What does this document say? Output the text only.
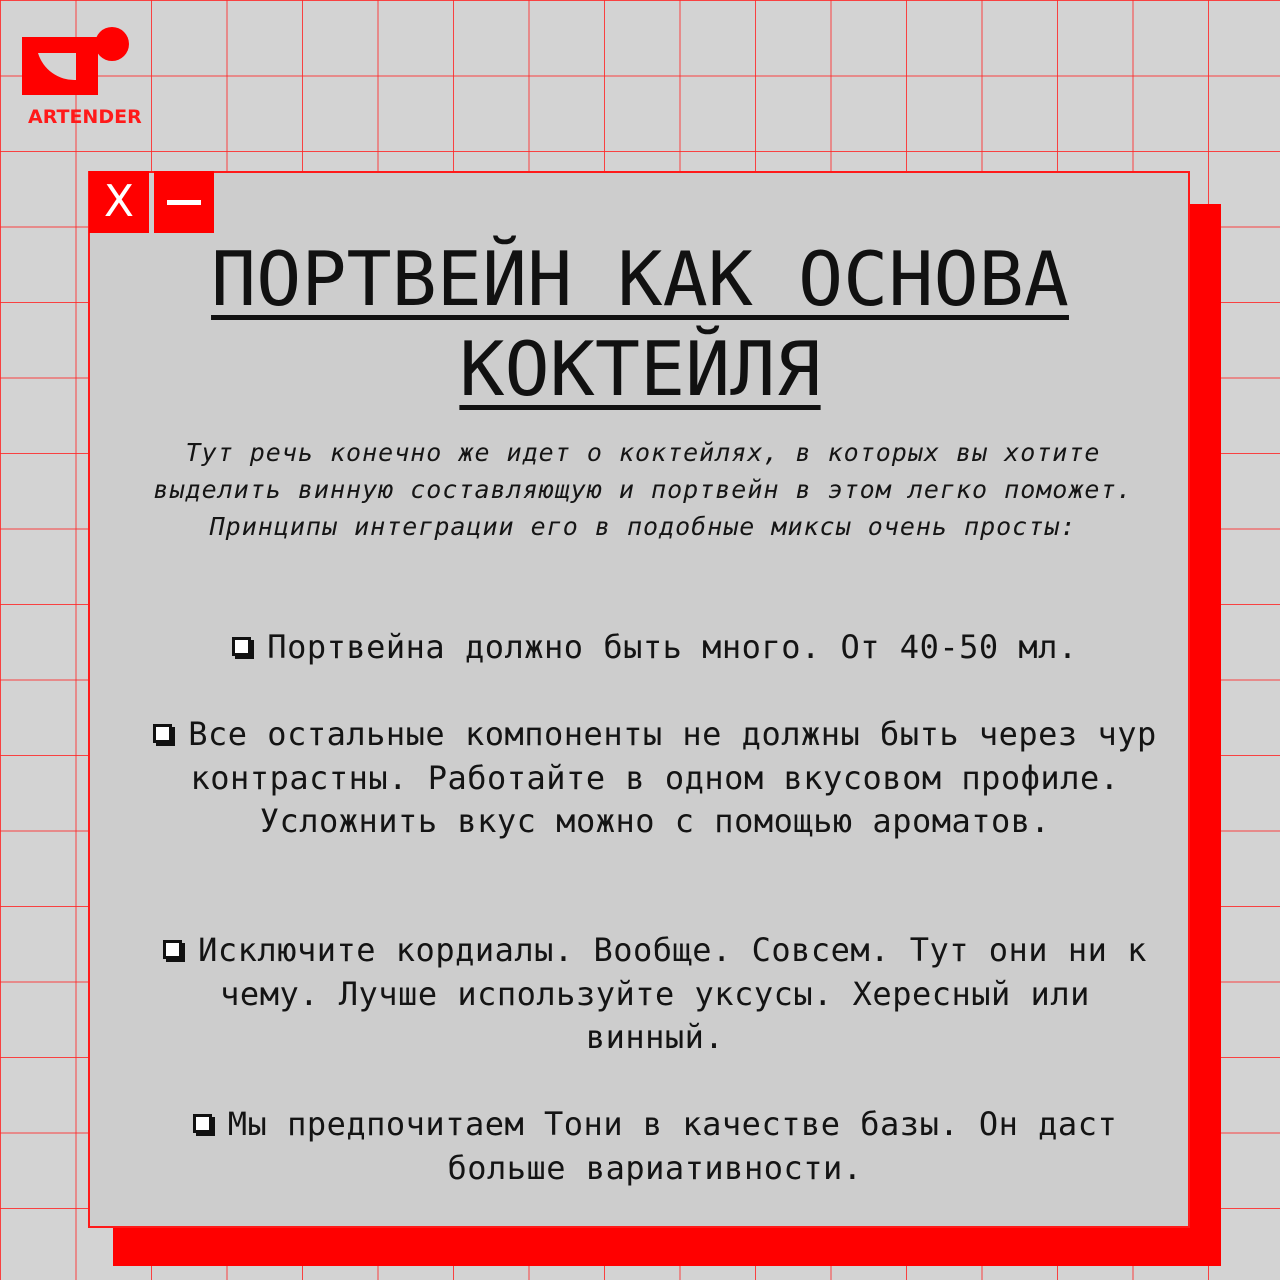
ARTENDER
X
ПОРТВЕЙН КАК ОСНОВА КОКТЕЙЛЯ

Тут речь конечно же идет о коктейлях, в которых вы хотите выделить винную составляющую и портвейн в этом легко поможет. Принципы интеграции его в подобные миксы очень просты:

Портвейна должно быть много. От 40-50 мл.

Все остальные компоненты не должны быть через чур контрастны. Работайте в одном вкусовом профиле. Усложнить вкус можно с помощью ароматов.

Исключите кордиалы. Вообще. Совсем. Тут они ни к чему. Лучше используйте уксусы. Хересный или винный.

Мы предпочитаем Тони в качестве базы. Он даст больше вариативности.
